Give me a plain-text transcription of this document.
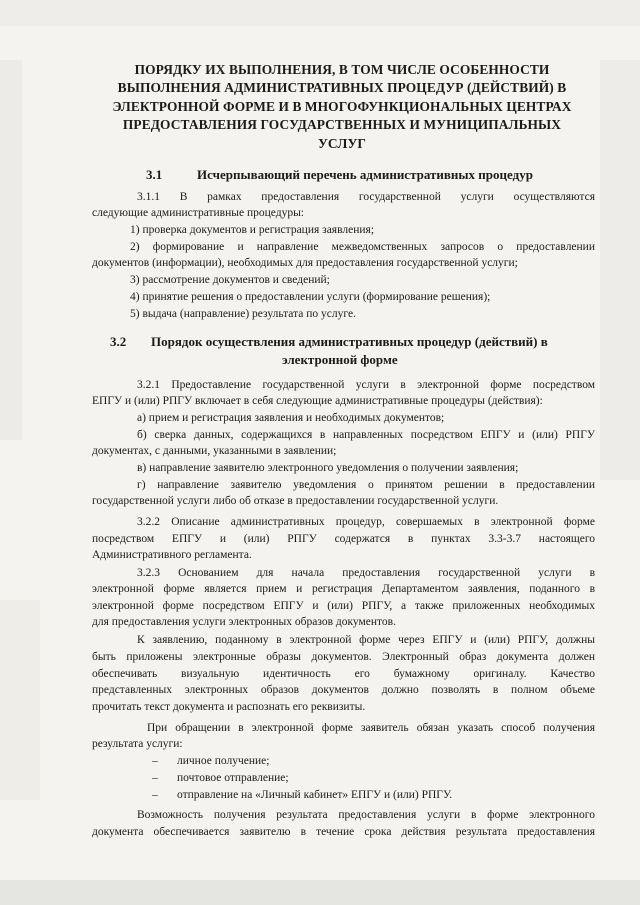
ПОРЯДКУ ИХ ВЫПОЛНЕНИЯ, В ТОМ ЧИСЛЕ ОСОБЕННОСТИ
ВЫПОЛНЕНИЯ АДМИНИСТРАТИВНЫХ ПРОЦЕДУР (ДЕЙСТВИЙ) В
ЭЛЕКТРОННОЙ ФОРМЕ И В МНОГОФУНКЦИОНАЛЬНЫХ ЦЕНТРАХ
ПРЕДОСТАВЛЕНИЯ ГОСУДАРСТВЕННЫХ И МУНИЦИПАЛЬНЫХ
УСЛУГ
3.1	Исчерпывающий перечень административных процедур
3.1.1 В рамках предоставления государственной услуги осуществляются
следующие административные процедуры:
1) проверка документов и регистрация заявления;
2) формирование и направление межведомственных запросов о предоставлении
документов (информации), необходимых для предоставления государственной услуги;
3) рассмотрение документов и сведений;
4) принятие решения о предоставлении услуги (формирование решения);
5) выдача (направление) результата по услуге.
3.2 Порядок осуществления административных процедур (действий) в
электронной форме
3.2.1 Предоставление государственной услуги в электронной форме посредством
ЕПГУ и (или) РПГУ включает в себя следующие административные процедуры (действия):
а) прием и регистрация заявления и необходимых документов;
б) сверка данных, содержащихся в направленных посредством ЕПГУ и (или) РПГУ
документах, с данными, указанными в заявлении;
в) направление заявителю электронного уведомления о получении заявления;
г) направление заявителю уведомления о принятом решении в предоставлении
государственной услуги либо об отказе в предоставлении государственной услуги.
3.2.2 Описание административных процедур, совершаемых в электронной форме
посредством ЕПГУ и (или) РПГУ содержатся в пунктах 3.3-3.7 настоящего
Административного регламента.
3.2.3 Основанием для начала предоставления государственной услуги в
электронной форме является прием и регистрация Департаментом заявления, поданного в
электронной форме посредством ЕПГУ и (или) РПГУ, а также приложенных необходимых
для предоставления услуги электронных образов документов.
К заявлению, поданному в электронной форме через ЕПГУ и (или) РПГУ, должны
быть приложены электронные образы документов. Электронный образ документа должен
обеспечивать визуальную идентичность его бумажному оригиналу. Качество
представленных электронных образов документов должно позволять в полном объеме
прочитать текст документа и распознать его реквизиты.
При обращении в электронной форме заявитель обязан указать способ получения
результата услуги:
– личное получение;
– почтовое отправление;
– отправление на «Личный кабинет» ЕПГУ и (или) РПГУ.
Возможность получения результата предоставления услуги в форме электронного
документа обеспечивается заявителю в течение срока действия результата предоставления
